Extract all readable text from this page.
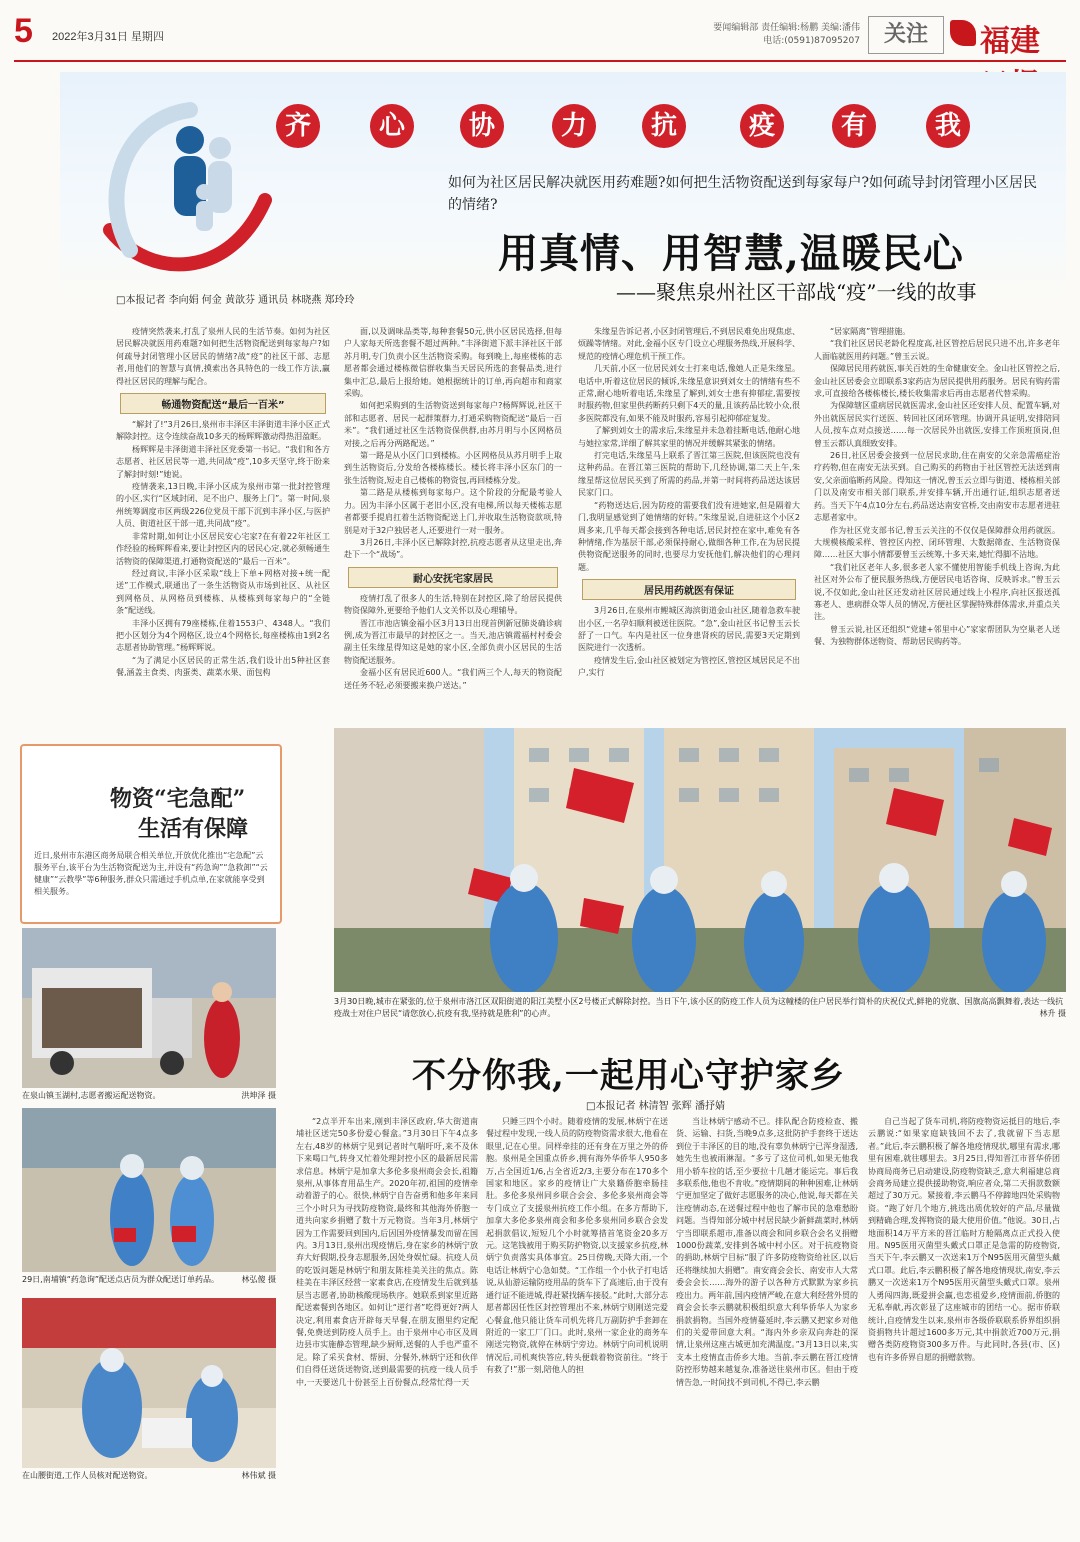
5 2022年3月31日 星期四
要闻编辑部 责任编辑:杨鹏 美编:潘伟
电话:(0591)87095207	关注	福建
齐	心	协	力	抗	疫	有	我
如何为社区居民解决就医用药难题?如何把生活物资配送到每家每户?如何疏导封闭管理小区居民的情绪?
用真情、用智慧,温暖民心
——聚焦泉州社区干部战“疫”一线的故事
□本报记者 李向娟 何金 黄歆芬 通讯员 林晓燕 郑玲玲

疫情突然袭来,打乱了泉州人民的生活节奏。如何为社区居民解决就医用药难题?如何把生活物资配送到每家每户?如何疏导封闭管理小区居民的情绪?战“疫”的社区干部、志愿者,用他们的智慧与真情,摸索出各具特色的一线工作方法,赢得社区居民的理解与配合。

畅通物资配送“最后一百米”

“解封了!”3月26日,泉州市丰泽区丰泽街道丰泽小区正式解除封控。这令连续奋战10多天的杨辉辉激动得热泪盈眶。

杨辉辉是丰泽街道丰泽社区党委第一书记。“我们和各方志愿者、社区居民等一道,共同战“疫”,10多天坚守,终于盼来了解封时刻!”她说。

疫情袭来,13日晚,丰泽小区成为泉州市第一批封控管理的小区,实行“区域封闭、足不出户、服务上门”。第一时间,泉州统筹调度市区两级226位党员干部下沉到丰泽小区,与医护人员、街道社区干部一道,共同战“疫”。

非常时期,如何让小区居民安心宅家?在有着22年社区工作经验的杨辉辉看来,要让封控区内的居民心定,就必须畅通生活物资的保障渠道,打通物资配送的“最后一百米”。

经过商议,丰泽小区采取“线上下单+网格对接+统一配送”工作模式,联通出了一条生活物资从市场到社区、从社区到网格员、从网格员到楼栋、从楼栋到每家每户的“全链条”配送线。

丰泽小区拥有79座楼栋,住着1553户、4348人。“我们把小区划分为4个网格区,设立4个网格长,每座楼栋由1到2名志愿者协助管理。”杨辉辉说。

“为了满足小区居民的正常生活,我们设计出5种社区套餐,涵盖主食类、肉蛋类、蔬菜水果、面包构

面,以及调味品类等,每种套餐50元,供小区居民选择,但每户人家每天所选套餐不超过两种。”丰泽街道下派丰泽社区干部苏月明,专门负责小区生活物资采购。每到晚上,每座楼栋的志愿者都会通过楼栋微信群收集当天居民所选的套餐品类,进行集中汇总,最后上报给她。她根据统计的订单,再向超市和商家采购。

如何把采购到的生活物资送到每家每户?杨辉辉说,社区干部和志愿者、居民一起群策群力,打通采购物资配送“最后一百米”。“我们通过社区生活物资保供群,由苏月明与小区网格员对接,之后再分两路配送。”

第一路是从小区门口到楼栋。小区网格员从苏月明手上取到生活物资后,分发给各楼栋楼长。楼长将丰泽小区东门的一张生活物资,短走自己楼栋的物资包,再回楼栋分发。

第二路是从楼栋到每家每户。这个阶段的分配最考验人力。因为丰泽小区属于老旧小区,没有电梯,所以每天楼栋志愿者都要手提肩扛着生活物资配送上门,并收取生活物资款项,特别是对于32户独居老人,还要进行一对一服务。

3月26日,丰泽小区已解除封控,抗疫志愿者从这里走出,奔赴下一个“战场”。

耐心安抚宅家居民

疫情打乱了很多人的生活,特别在封控区,除了给居民提供物资保障外,更要给予他们人文关怀以及心理辅导。

晋江市池店镇金福小区3月13日出现首例新冠肺炎确诊病例,成为晋江市最早的封控区之一。当天,池店镇霞福村村委会副主任朱缘星得知这是她的家小区,全部负责小区居民的生活物资配送服务。

金福小区有居民近600人。“我们两三个人,每天的物资配送任务不轻,必须要搬来换户送达。”

朱缘星告诉记者,小区封闭管理后,不到居民难免出现焦虑、烦躁等情绪。对此,金福小区专门设立心理服务热线,开展科学、规范的疫情心理危机干预工作。

几天前,小区一位居民刘女士打来电话,像她人正是朱缘星。电话中,听着这位居民的倾诉,朱缘星意识到刘女士的情绪有些不正常,耐心地听着电话,朱缘星了解到,刘女士患有抑郁症,需要按时服药物,但家里供药断药只剩下4天的量,且该药品比较小众,很多医院都没有,如果不能及时服药,容易引起抑郁症复发。

了解到刘女士的需求后,朱缘星并未急着挂断电话,他耐心地与她拉家常,详细了解其家里的情况并缓解其紧张的情绪。

打完电话,朱缘星马上联系了晋江第三医院,但该医院也没有这种药品。在晋江第三医院的帮助下,几经协调,第二天上午,朱缘星帮这位居民买到了所需的药品,并第一时间将药品送达该居民家门口。

“药物送达后,因为防疫的需要我们没有进她家,但是隔着大门,我明显感觉到了她情绪的好转。”朱缘星说,自进驻这个小区2周多来,几乎每天都会接到各种电话,居民封控在家中,难免有各种情绪,作为基层干部,必须保持耐心,做细各种工作,在为居民提供物资配送服务的同时,也要尽力安抚他们,解决他们的心理问题。

居民用药就医有保证

3月26日,在泉州市鲤城区海滨街道金山社区,随着急救车驶出小区,一名孕妇顺利被送往医院。“急”,金山社区书记曾玉云长舒了一口气。车内是社区一位身患肾疾的居民,需要3天定期到医院进行一次透析。

疫情发生后,金山社区被划定为管控区,管控区域居民足不出户,实行

“居家隔离”管理措施。

“我们社区居民老龄化程度高,社区管控后居民只进不出,许多老年人面临就医用药问题。”曾玉云说。

保障居民用药就医,事关百姓的生命健康安全。金山社区管控之后,金山社区居委会立即联系3家药店为居民提供用药服务。居民有购药需求,可直接给各楼栋楼长,楼长收集需求后再由志愿者代替采购。

为保障辖区重病居民就医需求,金山社区还安排人员、配置车辆,对外出就医居民实行送医、转回社区闭环管理。协调开具证明,安排陪同人员,按车点对点接送……每一次居民外出就医,安排工作顶班顶岗,但曾玉云都认真细致安排。

26日,社区居委会接到一位居民求助,住在南安的父亲急需癌症治疗药物,但在南安无法买到。自己购买的药物由于社区管控无法送到南安,父亲面临断药风险。得知这一情况,曾玉云立即与街道、楼栋相关部门以及南安市相关部门联系,并安排车辆,开出通行证,组织志愿者送药。当天下午4点10分左右,药品送达南安官桥,交由南安市志愿者进驻志愿者家中。

作为社区党支部书记,曾玉云关注的不仅仅是保障群众用药就医。大规模核酸采样、管控区内控、闭环管理、大数据筛查、生活物资保障……社区大事小情都要曾玉云统筹,十多天来,她忙得脚不沾地。

“我们社区老年人多,很多老人家不懂使用智能手机线上咨询,为此社区对外公布了便民服务热线,方便居民电话咨询、反映诉求。”曾玉云说,不仅如此,金山社区还发动社区居民通过线上小程序,向社区报送孤寡老人、患病群众等人员的情况,方便社区掌握特殊群体需求,并重点关注。

曾玉云说,社区还组织“党建+邻里中心”家家帮团队为空巢老人送餐、为独物群体送物资、帮助居民购药等。

3月30日晚,城市在紧张的,位于泉州市洛江区双阳街道的阳江美墅小区2号楼正式解除封控。当日下午,该小区的防疫工作人员为这幢楼的住户居民举行简朴的庆祝仪式,鲜艳的党旗、国旗高高飘舞着,表达一线抗疫战士对住户居民“请您放心,抗疫有我,坚持就是胜利”的心声。	林升 摄
物资“宅急配”
生活有保障
近日,泉州市东港区商务局联合相关单位,开放优化推出“宅急配”云服务平台,该平台为生活物资配送为主,并设有“药急询”“急救卸”“云健康”“云教學”等6种服务,群众只需通过手机点单,在家就能享受到相关服务。
在泉山镇玉湖村,志愿者搬运配送物资。	洪坤泽 摄
29日,南埔镇“药急询”配送点店员为群众配送订单药品。	林弘傻 摄
在山腰街道,工作人员核对配送物资。	林伟斌 摄
不分你我,一起用心守护家乡
□本报记者 林清智 张辉 潘抒婧

“2点半开车出来,刚到丰泽区政府,华大街道南埔社区送完50多份爱心餐盒。”3月30日下午4点多左右,48岁的林炳宁见到记者时气喘吁吁,来不及休下来喝口气,转身又忙着处理封控小区的最新居民需求信息。林炳宁是加拿大多伦多泉州商会会长,祖籍泉州,从事体育用品生产。2020年初,祖国的疫情牵动着游子的心。很快,林炳宁自告奋勇和他多年来同三个小时只为寻找防疫物资,最终和其他海外侨胞一道共向家乡捐赠了数十万元物资。当年3月,林炳宁因为工作需要回到国内,后因国外疫情暴发而留在国内。3月13日,泉州出现疫情后,身在家乡的林炳宁放弃大好假期,投身志愿服务,因处身娱忙碌。抗疫人员的吃饭问题是林炳宁和朋友陈桂美关注的焦点。陈桂美在丰泽区经营一家素食店,在疫情发生后就到基层当志愿者,协助核酸现场秩序。她联系到家里近路配送素餐到各地区。如何让“逆行者”吃得更好?两人决定,利用素食店开辟每天早餐,在朋友圈里约定配餐,免费送到防疫人员手上。由于泉州中心市区及周边县市实施静态管理,缺少厨师,送餐的人手也严重不足。除了采买食材、帮厨、分餐外,林炳宁还和伙伴们自得任送货送物资,送到最需要的抗疫一线人员手中,一天要送几十份甚至上百份餐点,经常忙得一天

只睡三四个小时。随着疫情的发展,林炳宁在送餐过程中发现,一线人员的防疫物资需求很大,他看在眼里,记在心里。同样牵挂的还有身在万里之外的侨胞。泉州是全国重点侨乡,拥有海外华侨华人950多万,占全国近1/6,占全省近2/3,主要分布在170多个国家和地区。家乡的疫情让广大泉籍侨胞牵肠挂肚。多伦多泉州同乡联合会会、多伦多泉州商会等专门成立了支援泉州抗疫工作小组。在多方帮助下,加拿大多伦多泉州商会和多伦多泉州同乡联合会发起捐款倡议,短短几个小时就筹措首笔资金20多万元。这笔钱被用于购买防护物资,以支援家乡抗疫,林炳宁负责落实具体事宜。25日傍晚,天降大雨,一个电话让林炳宁心急如焚。“工作组一个小伙子打电话说,从仙游运输防疫用品的货车下了高速后,由于没有通行证不能进城,得赶紧找辆车接驳。”此时,大部分志愿者都因任性区封控管理出不来,林炳宁则刚送完爱心餐盒,他只能让货车司机先将几万副防护手套卸在附近的一家工厂门口。此时,泉州一家企业的商务车刚送完物资,就停在林炳宁旁边。林炳宁向司机说明情况后,司机爽快答应,转头便载着物资前往。“终于有救了!”那一刻,陪他人的担

当让林炳宁感动不已。排队配合防疫检查、搬货、运输、扫货,当晚9点多,这批防护手套终于送达到位于丰泽区的目的地,没有辜负林炳宁已浑身湿透,她先生也被雨淋湿。“多亏了这位司机,如果无他我用小轿车拉的话,至少要拉十几趟才能运完。事后我多联系他,他也不肯收。”疫情期间的种种困难,让林炳宁更加坚定了做好志愿服务的决心,他说,每天都在关注疫情动态,在送餐过程中他也了解市民的急难愁盼问题。当得知部分城中村居民缺少新鲜蔬菜时,林炳宁当即联系超市,准备以商会和同乡联合会名义捐赠1000份蔬菜,安排到各城中村小区。对于抗疫物资的捐助,林炳宁目标“服了许多防疫物资给社区,以后还将继续加大捐赠”。南安商会会长、南安市人大常委会会长……海外的游子以各种方式默默为家乡抗疫出力。两年前,国内疫情严峻,在意大利经营外贸的商会会长李云鹏就积极组织意大利华侨华人为家乡捐款捐物。当国外疫情蔓延时,李云鹏又把家乡对他们的关爱带回意大利。“海内外乡亲双向奔赴的深情,让泉州这座古城更加充满温度。”3月13日以来,实支本土疫情直击侨乡大地。当前,李云鹏在晋江疫情防控形势越来越复杂,准备送往泉州市区。但由于疫情告急,一时间找不到司机,不得已,李云鹏

自己当起了货车司机,将防疫物资运抵目的地后,李云鹏说:“如果家庭缺钱回不去了,我就留下当志愿者。”此后,李云鹏积极了解各地疫情现状,哪里有需求,哪里有困难,就往哪里去。3月25日,得知晋江市晋华侨团协商局商务已启动建设,防疫物资缺乏,意大利福建总商会商务局建立提供援助物资,响应者众,第二天捐款数额超过了30万元。紧接着,李云鹏马不停蹄地四处采购物资。“跑了好几个地方,挑选出质优较好的产品,尽量做到精确合理,发挥物资的最大使用价值。”他说。30日,占地面积14万平方米的晋江临时方舱隔离点正式投入使用。N95医用灭菌型头戴式口罩正是急需的防疫物资,当天下午,李云鹏又一次送来1万个N95医用灭菌型头戴式口罩。此后,李云鹏积极了解各地疫情现状,南安,李云鹏又一次送来1万个N95医用灭菌型头戴式口罩。泉州人勇闯四海,既爱拼会赢,也恋祖爱乡,疫情面前,侨胞的无私奉献,再次彰显了这座城市的团结一心。据市侨联统计,自疫情发生以来,泉州市各级侨联联系侨界组织捐资捐物共计超过1600多万元,其中捐款近700万元,捐赠各类防疫物资300多万件。与此同时,各县(市、区)也有许多侨界自愿的捐赠款物。
